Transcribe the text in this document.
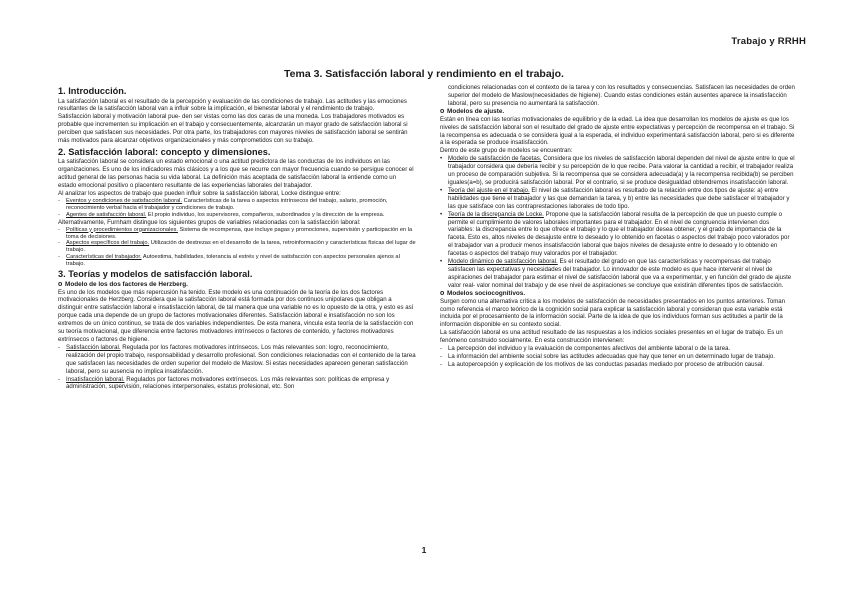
Trabajo y RRHH
Tema 3. Satisfacción laboral y rendimiento en el trabajo.
1. Introducción.

La satisfacción laboral es el resultado de la percepción y evaluación de las condiciones de trabajo. Las actitudes y las emociones resultantes de la satisfacción laboral van a influir sobre la implicación, el bienestar laboral y el rendimiento de trabajo.

Satisfacción laboral y motivación laboral pue- den ser vistas como las dos caras de una moneda. Los trabajadores motivados es probable que incrementen su implicación en el trabajo y consecuentemente, alcanzarán un mayor grado de satisfacción laboral si perciben que satisfacen sus necesidades. Por otra parte, los trabajadores con mayores niveles de satisfacción laboral se sentirán más motivados para alcanzar objetivos organizacionales y más comprometidos con su trabajo.

2. Satisfacción laboral: concepto y dimensiones.

La satisfacción laboral se considera un estado emocional o una actitud predictora de las conductas de los individuos en las organizaciones. Es uno de los indicadores más clásicos y a los que se recurre con mayor frecuencia cuando se persigue conocer el actitud general de las personas hacia su vida laboral. La definición más aceptada de satisfacción laboral la entiende como un estado emocional positivo o placentero resultante de las experiencias laborales del trabajador.

Al analizar los aspectos de trabajo que pueden influir sobre la satisfacción laboral, Locke distingue entre:

- Eventos y condiciones de satisfacción laboral. Características de la tarea o aspectos intrínsecos del trabajo, salario, promoción, reconocimiento verbal hacia el trabajador y condiciones de trabajo.
- Agentes de satisfacción laboral. El propio individuo, los supervisores, compañeros, subordinados y la dirección de la empresa.

Alternativamente, Furnham distingue los siguientes grupos de variables relacionadas con la satisfacción laboral:

- Políticas y procedimientos organizacionales. Sistema de recompensa, que incluye pagas y promociones, supervisión y participación en la toma de decisiones.
- Aspectos específicos del trabajo. Utilización de destrezas en el desarrollo de la tarea, retroinformación y características físicas del lugar de trabajo.
- Características del trabajador. Autoestima, habilidades, tolerancia al estrés y nivel de satisfacción con aspectos personales ajenos al trabajo.
3. Teorías y modelos de satisfacción laboral.
o Modelo de los dos factores de Herzberg.

Es uno de los modelos que más repercusión ha tenido. Este modelo es una continuación de la teoría de los dos factores motivacionales de Herzberg. Considera que la satisfacción laboral está formada por dos continuos unipolares que obligan a distinguir entre satisfacción laboral e insatisfacción laboral, de tal manera que una variable no es lo opuesto de la otra, y esto es así porque cada una depende de un grupo de factores motivacionales diferentes. Satisfacción laboral e insatisfacción no son los extremos de un único continuo, se trata de dos variables independientes. De esta manera, vincula esta teoría de la satisfacción con su teoría motivacional, que diferencia entre factores motivadores intrínsecos o factores de contenido, y factores motivadores extrínsecos o factores de higiene.

- Satisfacción laboral. Regulada por los factores motivadores intrínsecos. Los más relevantes son: logro, reconocimiento, realización del propio trabajo, responsabilidad y desarrollo profesional. Son condiciones relacionadas con el contenido de la tarea que satisfacen las necesidades de orden superior del modelo de Maslow. Si estas necesidades aparecen generan satisfacción laboral, pero su ausencia no implica insatisfacción.
- Insatisfacción laboral. Regulados por factores motivadores extrínsecos. Los más relevantes son: políticas de empresa y administración, supervisión, relaciones interpersonales, estatus profesional, etc. Son

condiciones relacionadas con el contexto de la tarea y con los resultados y consecuencias. Satisfacen las necesidades de orden superior del modelo de Maslow(necesidades de higiene). Cuando estas condiciones están ausentes aparece la insatisfacción laboral, pero su presencia no aumentará la satisfacción.

o Modelos de ajuste.

Están en línea con las teorías motivacionales de equilibrio y de la edad. La idea que desarrollan los modelos de ajuste es que los niveles de satisfacción laboral son el resultado del grado de ajuste entre expectativas y percepción de recompensa en el trabajo. Si la recompensa es adecuada o se considera igual a la esperada, el individuo experimentará satisfacción laboral, pero si es diferente a la esperada se produce insatisfacción.

Dentro de este grupo de modelos se encuentran:

• Modelo de satisfacción de facetas. Considera que los niveles de satisfacción laboral dependen del nivel de ajuste entre lo que el trabajador considera que debería recibir y su percepción de lo que recibe. Para valorar la cantidad a recibir, el trabajador realiza un proceso de comparación subjetiva. Si la recompensa que se considera adecuada(a) y la recompensa recibida(b) se perciben iguales(a=b), se producirá satisfacción laboral. Por el contrario, si se produce desigualdad obtendremos insatisfacción laboral.
• Teoría del ajuste en el trabajo. El nivel de satisfacción laboral es resultado de la relación entre dos tipos de ajuste: a) entre habilidades que tiene el trabajador y las que demandan la tarea, y b) entre las necesidades que debe satisfacer el trabajador y las que satisface con las contraprestaciones laborales de todo tipo.
• Teoría de la discrepancia de Locke. Propone que la satisfacción laboral resulta de la percepción de que un puesto cumple o permite el cumplimiento de valores laborales importantes para el trabajador. En el nivel de congruencia intervienen dos variables: la discrepancia entre lo que ofrece el trabajo y lo que el trabajador desea obtener, y el grado de importancia de la faceta. Esto es, altos niveles de desajuste entre lo deseado y lo obtenido en facetas o aspectos del trabajo poco valorados por el trabajador van a producir menos insatisfacción laboral que bajos niveles de desajuste entre lo deseado y lo obtenido en facetas o aspectos del trabajo muy valorados por el trabajador.
• Modelo dinámico de satisfacción laboral. Es el resultado del grado en que las características y recompensas del trabajo satisfacen las expectativas y necesidades del trabajador. Lo innovador de este modelo es que hace intervenir el nivel de aspiraciones del trabajador para estimar el nivel de satisfacción laboral que va a experimentar, y en función del grado de ajuste valor real- valor nominal del trabajo y de ese nivel de aspiraciones se concluye que existirán diferentes tipos de satisfacción.
o Modelos sociocognitivos.

Surgen como una alternativa crítica a los modelos de satisfacción de necesidades presentados en los puntos anteriores. Toman como referencia el marco teórico de la cognición social para explicar la satisfacción laboral y consideran que esta variable está incluida por el procesamiento de la información social. Parte de la idea de que los individuos forman sus actitudes a partir de la información disponible en su contexto social.

La satisfacción laboral es una actitud resultado de las respuestas a los indicios sociales presentes en el lugar de trabajo. Es un fenómeno construido socialmente. En esta construcción intervienen:

- La percepción del individuo y la evaluación de componentes afectivos del ambiente laboral o de la tarea.
- La información del ambiente social sobre las actitudes adecuadas que hay que tener en un determinado lugar de trabajo.
- La autopercepción y explicación de los motivos de las conductas pasadas mediado por proceso de atribución causal.
1
